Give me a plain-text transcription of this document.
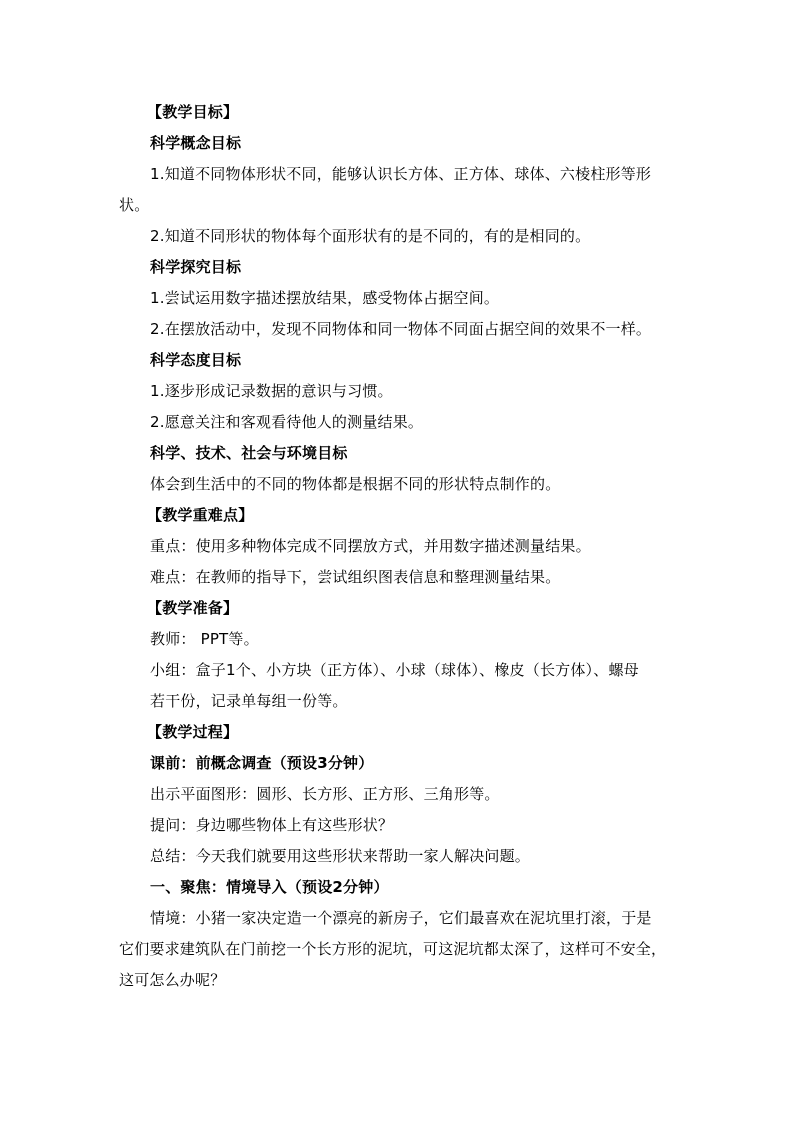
【教学目标】
科学概念目标
1.知道不同物体形状不同，能够认识长方体、正方体、球体、六棱柱形等形
状。
2.知道不同形状的物体每个面形状有的是不同的，有的是相同的。
科学探究目标
1.尝试运用数字描述摆放结果，感受物体占据空间。
2.在摆放活动中，发现不同物体和同一物体不同面占据空间的效果不一样。
科学态度目标
1.逐步形成记录数据的意识与习惯。
2.愿意关注和客观看待他人的测量结果。
科学、技术、社会与环境目标
体会到生活中的不同的物体都是根据不同的形状特点制作的。
【教学重难点】
重点：使用多种物体完成不同摆放方式，并用数字描述测量结果。
难点：在教师的指导下，尝试组织图表信息和整理测量结果。
【教学准备】
教师： PPT等。
小组：盒子1个、小方块（正方体）、小球（球体）、橡皮（长方体）、螺母
若干份，记录单每组一份等。
【教学过程】
课前：前概念调查（预设3分钟）
出示平面图形：圆形、长方形、正方形、三角形等。
提问：身边哪些物体上有这些形状？
总结：今天我们就要用这些形状来帮助一家人解决问题。
一、聚焦：情境导入（预设2分钟）
情境：小猪一家决定造一个漂亮的新房子，它们最喜欢在泥坑里打滚，于是
它们要求建筑队在门前挖一个长方形的泥坑，可这泥坑都太深了，这样可不安全，
这可怎么办呢？
